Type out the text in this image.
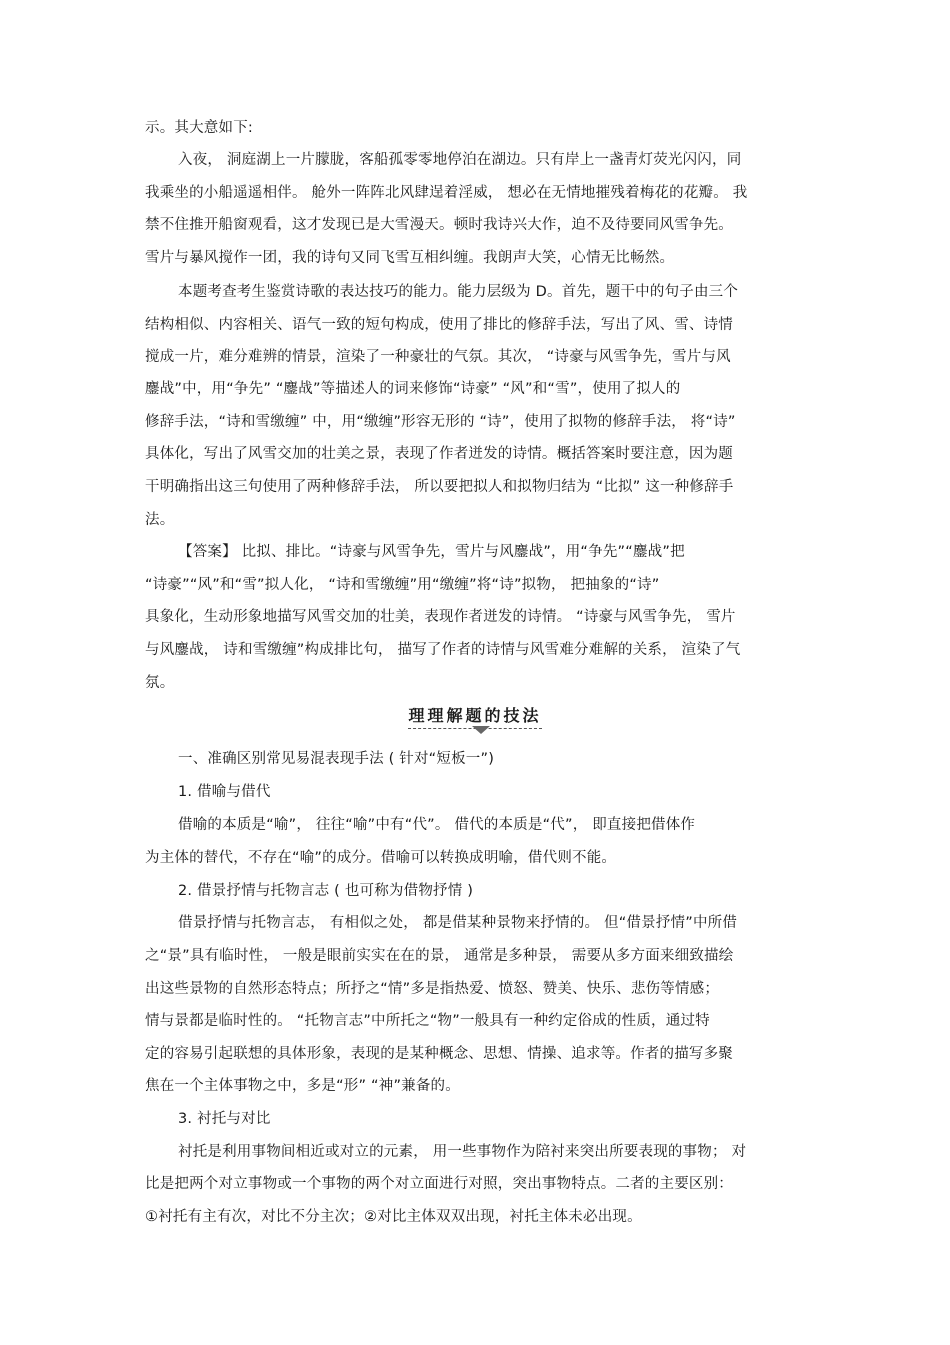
示。其大意如下:
入夜， 洞庭湖上一片朦胧，客船孤零零地停泊在湖边。只有岸上一盏青灯荧光闪闪，同
我乘坐的小船遥遥相伴。 舱外一阵阵北风肆逞着淫威， 想必在无情地摧残着梅花的花瓣。 我
禁不住推开船窗观看，这才发现已是大雪漫天。顿时我诗兴大作，迫不及待要同风雪争先。
雪片与暴风搅作一团，我的诗句又同飞雪互相纠缠。我朗声大笑，心情无比畅然。
本题考查考生鉴赏诗歌的表达技巧的能力。能力层级为 D。首先，题干中的句子由三个
结构相似、内容相关、语气一致的短句构成，使用了排比的修辞手法，写出了风、雪、诗情
搅成一片，难分难辨的情景，渲染了一种豪壮的气氛。其次， “诗豪与风雪争先，雪片与风
鏖战”中，用“争先” “鏖战”等描述人的词来修饰“诗豪” “风”和“雪”，使用了拟人的
修辞手法，“诗和雪缴缠” 中，用“缴缠”形容无形的 “诗”，使用了拟物的修辞手法， 将“诗”
具体化，写出了风雪交加的壮美之景，表现了作者迸发的诗情。概括答案时要注意，因为题
干明确指出这三句使用了两种修辞手法， 所以要把拟人和拟物归结为 “比拟” 这一种修辞手
法。
【答案】 比拟、排比。“诗豪与风雪争先，雪片与风鏖战”，用“争先”“鏖战”把
“诗豪”“风”和“雪”拟人化， “诗和雪缴缠”用“缴缠”将“诗”拟物， 把抽象的“诗”
具象化，生动形象地描写风雪交加的壮美，表现作者迸发的诗情。 “诗豪与风雪争先， 雪片
与风鏖战， 诗和雪缴缠”构成排比句， 描写了作者的诗情与风雪难分难解的关系， 渲染了气
氛。
理理解题的技法
一、准确区别常见易混表现手法 ( 针对“短板一”)
1. 借喻与借代
借喻的本质是“喻”， 往往“喻”中有“代”。 借代的本质是“代”， 即直接把借体作
为主体的替代，不存在“喻”的成分。借喻可以转换成明喻，借代则不能。
2. 借景抒情与托物言志 ( 也可称为借物抒情 )
借景抒情与托物言志， 有相似之处， 都是借某种景物来抒情的。 但“借景抒情”中所借
之“景”具有临时性， 一般是眼前实实在在的景， 通常是多种景， 需要从多方面来细致描绘
出这些景物的自然形态特点；所抒之“情”多是指热爱、愤怒、赞美、快乐、悲伤等情感；
情与景都是临时性的。 “托物言志”中所托之“物”一般具有一种约定俗成的性质，通过特
定的容易引起联想的具体形象，表现的是某种概念、思想、情操、追求等。作者的描写多聚
焦在一个主体事物之中，多是“形” “神”兼备的。
3. 衬托与对比
衬托是利用事物间相近或对立的元素， 用一些事物作为陪衬来突出所要表现的事物； 对
比是把两个对立事物或一个事物的两个对立面进行对照，突出事物特点。二者的主要区别：
①衬托有主有次，对比不分主次；②对比主体双双出现，衬托主体未必出现。
